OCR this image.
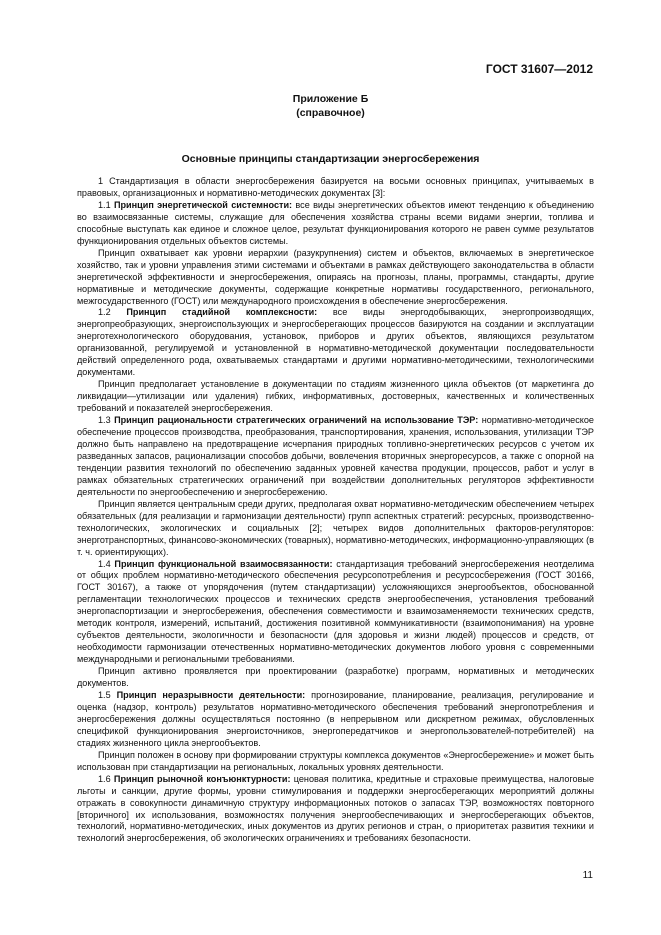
ГОСТ 31607—2012
Приложение Б
(справочное)
Основные принципы стандартизации энергосбережения

1 Стандартизация в области энергосбережения базируется на восьми основных принципах, учитываемых в правовых, организационных и нормативно-методических документах [3]:

1.1 Принцип энергетической системности: все виды энергетических объектов имеют тенденцию к объединению во взаимосвязанные системы, служащие для обеспечения хозяйства страны всеми видами энергии, топлива и способные выступать как единое и сложное целое, результат функционирования которого не равен сумме результатов функционирования отдельных объектов системы.

Принцип охватывает как уровни иерархии (разукрупнения) систем и объектов, включаемых в энергетическое хозяйство, так и уровни управления этими системами и объектами в рамках действующего законодательства в области энергетической эффективности и энергосбережения, опираясь на прогнозы, планы, программы, стандарты, другие нормативные и методические документы, содержащие конкретные нормативы государственного, регионального, межгосударственного (ГОСТ) или международного происхождения в обеспечение энергосбережения.

1.2 Принцип стадийной комплексности: все виды энергодобывающих, энергопроизводящих, энергопреобразующих, энергоиспользующих и энергосберегающих процессов базируются на создании и эксплуатации энерготехнологического оборудования, установок, приборов и других объектов, являющихся результатом организованной, регулируемой и установленной в нормативно-методической документации последовательности действий определенного рода, охватываемых стандартами и другими нормативно-методическими, технологическими документами.

Принцип предполагает установление в документации по стадиям жизненного цикла объектов (от маркетинга до ликвидации—утилизации или удаления) гибких, информативных, достоверных, качественных и количественных требований и показателей энергосбережения.

1.3 Принцип рациональности стратегических ограничений на использование ТЭР: нормативно-методическое обеспечение процессов производства, преобразования, транспортирования, хранения, использования, утилизации ТЭР должно быть направлено на предотвращение исчерпания природных топливно-энергетических ресурсов с учетом их разведанных запасов, рационализации способов добычи, вовлечения вторичных энергоресурсов, а также с опорной на тенденции развития технологий по обеспечению заданных уровней качества продукции, процессов, работ и услуг в рамках обязательных стратегических ограничений при воздействии дополнительных регуляторов эффективности деятельности по энергообеспечению и энергосбережению.

Принцип является центральным среди других, предполагая охват нормативно-методическим обеспечением четырех обязательных (для реализации и гармонизации деятельности) групп аспектных стратегий: ресурсных, производственно-технологических, экологических и социальных [2]; четырех видов дополнительных факторов-регуляторов: энерготранспортных, финансово-экономических (товарных), нормативно-методических, информационно-управляющих (в т. ч. ориентирующих).

1.4 Принцип функциональной взаимосвязанности: стандартизация требований энергосбережения неотделима от общих проблем нормативно-методического обеспечения ресурсопотребления и ресурсосбережения (ГОСТ 30166, ГОСТ 30167), а также от упорядочения (путем стандартизации) усложняющихся энергообъектов, обоснованной регламентации технологических процессов и технических средств энергообеспечения, установления требований энергопаспортизации и энергосбережения, обеспечения совместимости и взаимозаменяемости технических средств, методик контроля, измерений, испытаний, достижения позитивной коммуникативности (взаимопонимания) на уровне субъектов деятельности, экологичности и безопасности (для здоровья и жизни людей) процессов и средств, от необходимости гармонизации отечественных нормативно-методических документов любого уровня с современными международными и региональными требованиями.

Принцип активно проявляется при проектировании (разработке) программ, нормативных и методических документов.

1.5 Принцип неразрывности деятельности: прогнозирование, планирование, реализация, регулирование и оценка (надзор, контроль) результатов нормативно-методического обеспечения требований энергопотребления и энергосбережения должны осуществляться постоянно (в непрерывном или дискретном режимах, обусловленных спецификой функционирования энергоисточников, энергопередатчиков и энергопользователей-потребителей) на стадиях жизненного цикла энергообъектов.

Принцип положен в основу при формировании структуры комплекса документов «Энергосбережение» и может быть использован при стандартизации на региональных, локальных уровнях деятельности.

1.6 Принцип рыночной конъюнктурности: ценовая политика, кредитные и страховые преимущества, налоговые льготы и санкции, другие формы, уровни стимулирования и поддержки энергосберегающих мероприятий должны отражать в совокупности динамичную структуру информационных потоков о запасах ТЭР, возможностях повторного [вторичного] их использования, возможностях получения энергообеспечивающих и энергосберегающих объектов, технологий, нормативно-методических, иных документов из других регионов и стран, о приоритетах развития техники и технологий энергосбережения, об экологических ограничениях и требованиях безопасности.

11
